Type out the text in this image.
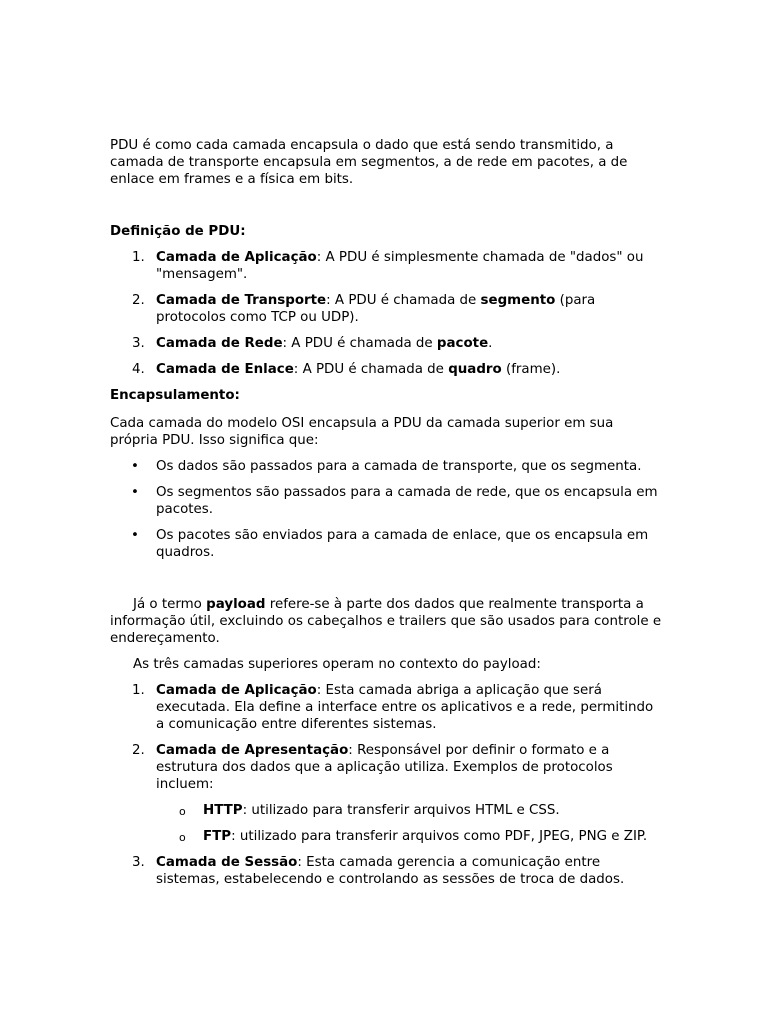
PDU é como cada camada encapsula o dado que está sendo transmitido, a camada de transporte encapsula em segmentos, a de rede em pacotes, a de enlace em frames e a física em bits.

Definição de PDU:

1. Camada de Aplicação: A PDU é simplesmente chamada de "dados" ou "mensagem".
2. Camada de Transporte: A PDU é chamada de segmento (para protocolos como TCP ou UDP).
3. Camada de Rede: A PDU é chamada de pacote.
4. Camada de Enlace: A PDU é chamada de quadro (frame).

Encapsulamento:

Cada camada do modelo OSI encapsula a PDU da camada superior em sua própria PDU. Isso significa que:

• Os dados são passados para a camada de transporte, que os segmenta.
• Os segmentos são passados para a camada de rede, que os encapsula em pacotes.
• Os pacotes são enviados para a camada de enlace, que os encapsula em quadros.

Já o termo payload refere-se à parte dos dados que realmente transporta a informação útil, excluindo os cabeçalhos e trailers que são usados para controle e endereçamento.

As três camadas superiores operam no contexto do payload:

1. Camada de Aplicação: Esta camada abriga a aplicação que será executada. Ela define a interface entre os aplicativos e a rede, permitindo a comunicação entre diferentes sistemas.
2. Camada de Apresentação: Responsável por definir o formato e a estrutura dos dados que a aplicação utiliza. Exemplos de protocolos incluem:
o HTTP: utilizado para transferir arquivos HTML e CSS.
o FTP: utilizado para transferir arquivos como PDF, JPEG, PNG e ZIP.
3. Camada de Sessão: Esta camada gerencia a comunicação entre sistemas, estabelecendo e controlando as sessões de troca de dados.
